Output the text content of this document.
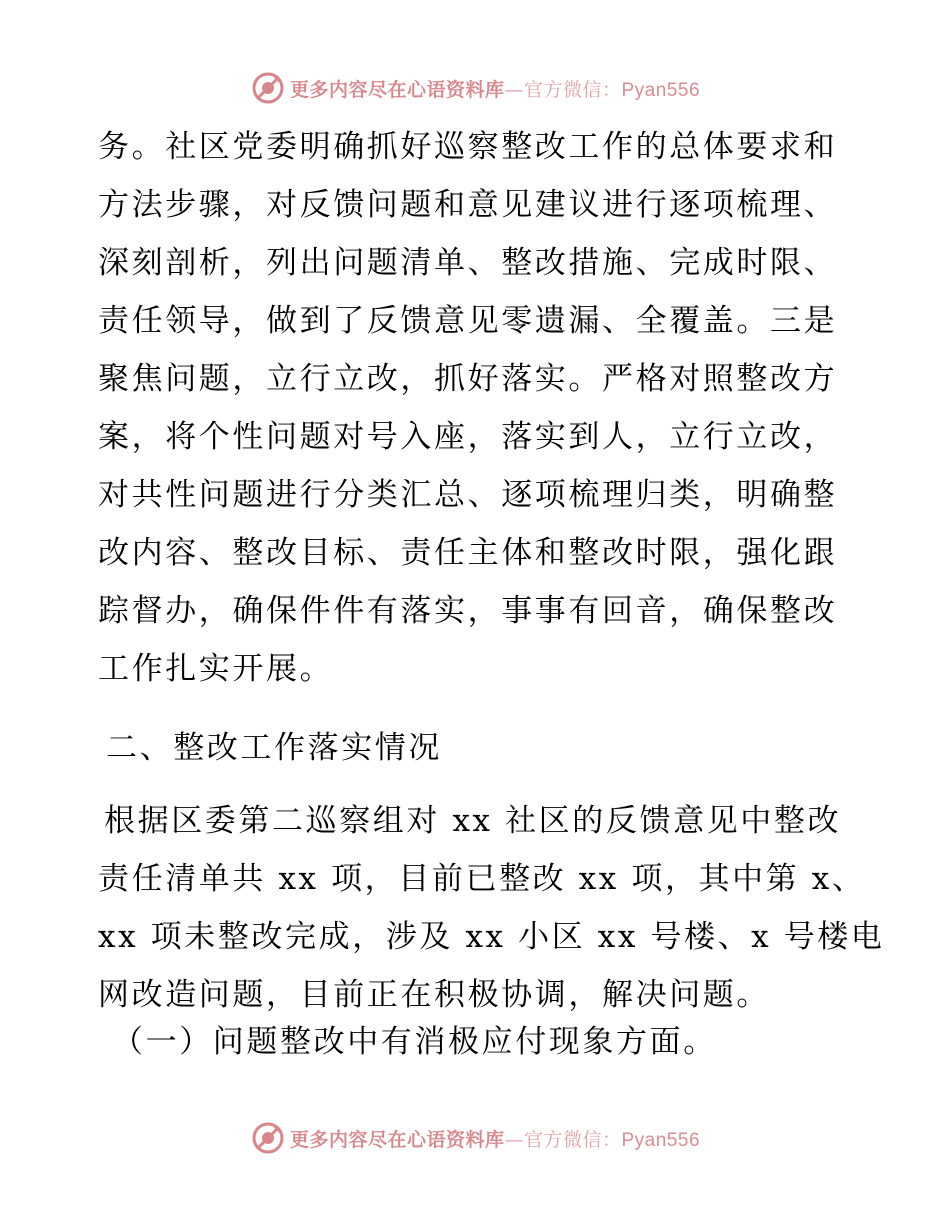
更多内容尽在心语资料库—官方微信：Pyan556
务。社区党委明确抓好巡察整改工作的总体要求和
方法步骤，对反馈问题和意见建议进行逐项梳理、
深刻剖析，列出问题清单、整改措施、完成时限、
责任领导，做到了反馈意见零遗漏、全覆盖。三是
聚焦问题，立行立改，抓好落实。严格对照整改方
案，将个性问题对号入座，落实到人，立行立改，
对共性问题进行分类汇总、逐项梳理归类，明确整
改内容、整改目标、责任主体和整改时限，强化跟
踪督办，确保件件有落实，事事有回音，确保整改
工作扎实开展。
二、整改工作落实情况
根据区委第二巡察组对 xx 社区的反馈意见中整改
责任清单共 xx 项，目前已整改 xx 项，其中第 x、
xx 项未整改完成，涉及 xx 小区 xx 号楼、x 号楼电
网改造问题，目前正在积极协调，解决问题。
（一）问题整改中有消极应付现象方面。
更多内容尽在心语资料库—官方微信：Pyan556
